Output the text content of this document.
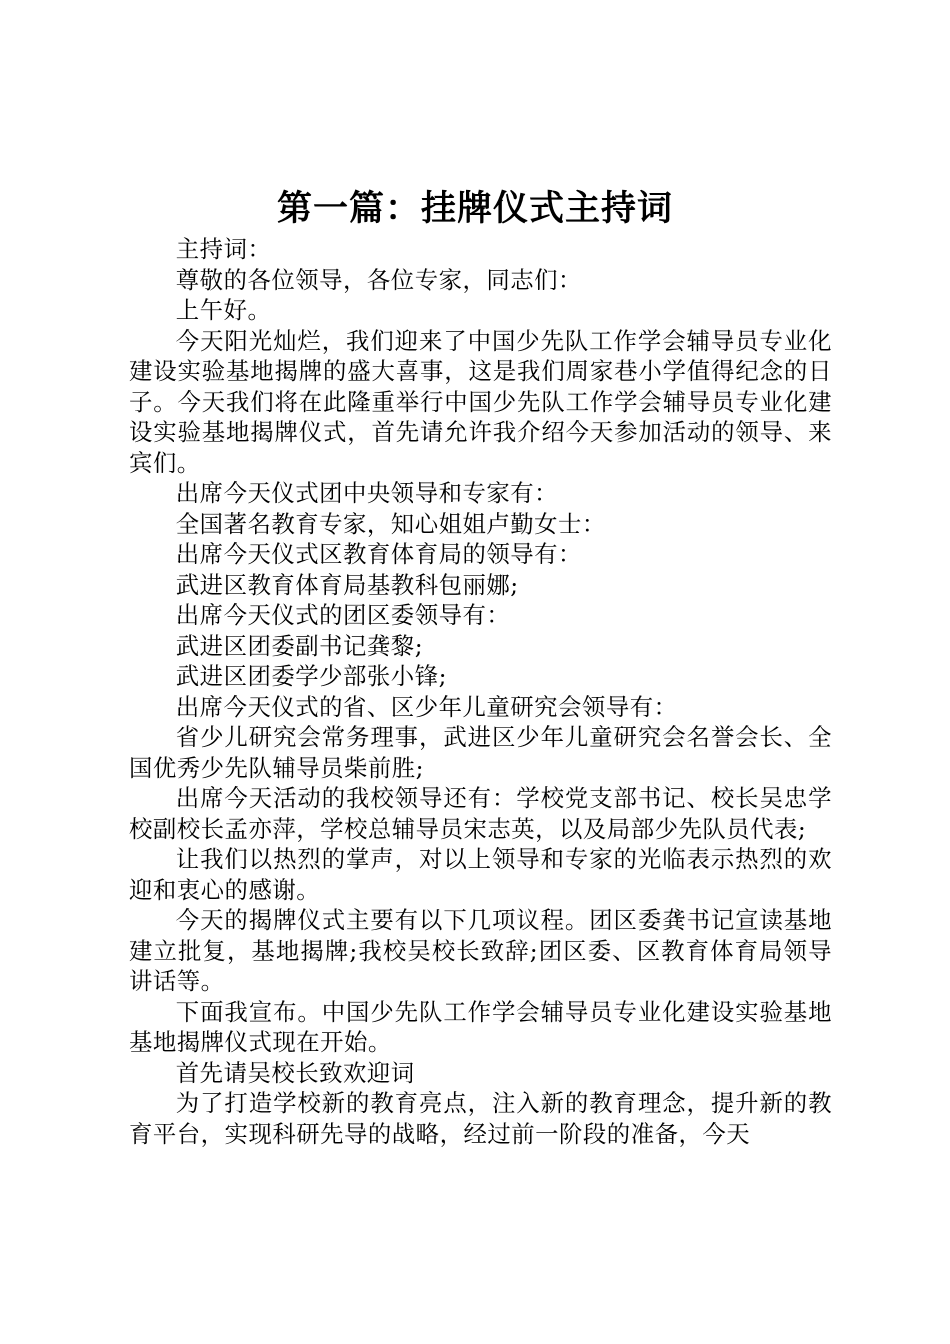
第一篇：挂牌仪式主持词

主持词：

尊敬的各位领导，各位专家，同志们：

上午好。

今天阳光灿烂，我们迎来了中国少先队工作学会辅导员专业化建设实验基地揭牌的盛大喜事，这是我们周家巷小学值得纪念的日子。今天我们将在此隆重举行中国少先队工作学会辅导员专业化建设实验基地揭牌仪式，首先请允许我介绍今天参加活动的领导、来宾们。

出席今天仪式团中央领导和专家有：

全国著名教育专家，知心姐姐卢勤女士：

出席今天仪式区教育体育局的领导有：

武进区教育体育局基教科包丽娜;

出席今天仪式的团区委领导有：

武进区团委副书记龚黎;

武进区团委学少部张小锋;

出席今天仪式的省、区少年儿童研究会领导有：

省少儿研究会常务理事，武进区少年儿童研究会名誉会长、全国优秀少先队辅导员柴前胜;

出席今天活动的我校领导还有：学校党支部书记、校长吴忠学校副校长孟亦萍，学校总辅导员宋志英，以及局部少先队员代表;

让我们以热烈的掌声，对以上领导和专家的光临表示热烈的欢迎和衷心的感谢。

今天的揭牌仪式主要有以下几项议程。团区委龚书记宣读基地建立批复，基地揭牌;我校吴校长致辞;团区委、区教育体育局领导讲话等。

下面我宣布。中国少先队工作学会辅导员专业化建设实验基地基地揭牌仪式现在开始。

首先请吴校长致欢迎词

为了打造学校新的教育亮点，注入新的教育理念，提升新的教育平台，实现科研先导的战略，经过前一阶段的准备，今天
